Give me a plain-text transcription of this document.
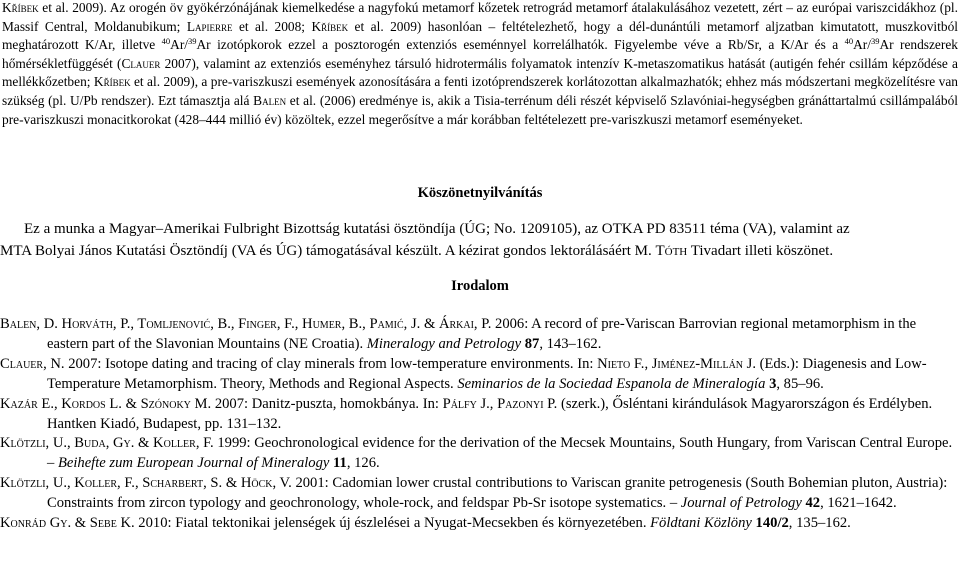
Kříbek et al. 2009). Az orogén öv gyökérzónájának kiemelkedése a nagyfokú metamorf kőzetek retrográd metamorf átalakulásához vezetett, zért – az európai variszcidákhoz (pl. Massif Central, Moldanubikum; Lapierre et al. 2008; Kříbek et al. 2009) hasonlóan – feltételezhető, hogy a dél-dunántúli metamorf aljzatban kimutatott, muszkovitból meghatározott K/Ar, illetve $^{40}$Ar/$^{39}$Ar izotópkorok ezzel a posztorogén extenziós eseménnyel korrelálhatók. Figyelembe véve a Rb/Sr, a K/Ar és a $^{40}$Ar/$^{39}$Ar rendszerek hőmérsékletfüggését (Clauer 2007), valamint az extenziós eseményhez társuló hidrotermális folyamatok intenzív K-metaszomatikus hatását (autigén fehér csillám képződése a mellékkőzetben; Kříbek et al. 2009), a pre-variszkuszi események azonosítására a fenti izotóprendszerek korlátozottan alkalmazhatók; ehhez más módszertani megközelítésre van szükség (pl. U/Pb rendszer). Ezt támasztja alá Balen et al. (2006) eredménye is, akik a Tisia-terrénum déli részét képviselő Szlavóniai-hegységben gránáttartalmú csillámpalából pre-variszkuszi monacitkorokat (428–444 millió év) közöltek, ezzel megerősítve a már korábban feltételezett pre-variszkuszi metamorf eseményeket.

Köszönetnyilvánítás

Ez a munka a Magyar–Amerikai Fulbright Bizottság kutatási ösztöndíja (ÚG; No. 1209105), az OTKA PD 83511 téma (VA), valamint az
MTA Bolyai János Kutatási Ösztöndíj (VA és ÚG) támogatásával készült. A kézirat gondos lektorálásáért M. Tóth Tivadart illeti köszönet.

Irodalom
Balen, D. Horváth, P., Tomljenović, B., Finger, F., Humer, B., Pamić, J. & Árkai, P. 2006: A record of pre-Variscan Barrovian regional metamorphism in the eastern part of the Slavonian Mountains (NE Croatia). Mineralogy and Petrology 87, 143–162.
Clauer, N. 2007: Isotope dating and tracing of clay minerals from low-temperature environments. In: Nieto F., Jiménez-Millán J. (Eds.): Diagenesis and Low-Temperature Metamorphism. Theory, Methods and Regional Aspects. Seminarios de la Sociedad Espanola de Mineralogía 3, 85–96.
Kazár E., Kordos L. & Szónoky M. 2007: Danitz-puszta, homokbánya. In: Pálfy J., Pazonyi P. (szerk.), Ősléntani kirándulások Magyarországon és Erdélyben. Hantken Kiadó, Budapest, pp. 131–132.
Klötzli, U., Buda, Gy. & Koller, F. 1999: Geochronological evidence for the derivation of the Mecsek Mountains, South Hungary, from Variscan Central Europe. – Beihefte zum European Journal of Mineralogy 11, 126.
Klötzli, U., Koller, F., Scharbert, S. & Höck, V. 2001: Cadomian lower crustal contributions to Variscan granite petrogenesis (South Bohemian pluton, Austria): Constraints from zircon typology and geochronology, whole-rock, and feldspar Pb-Sr isotope systematics. – Journal of Petrology 42, 1621–1642.
Konrád Gy. & Sebe K. 2010: Fiatal tektonikai jelenségek új észlelései a Nyugat-Mecsekben és környezetében. Földtani Közlöny 140/2, 135–162.
